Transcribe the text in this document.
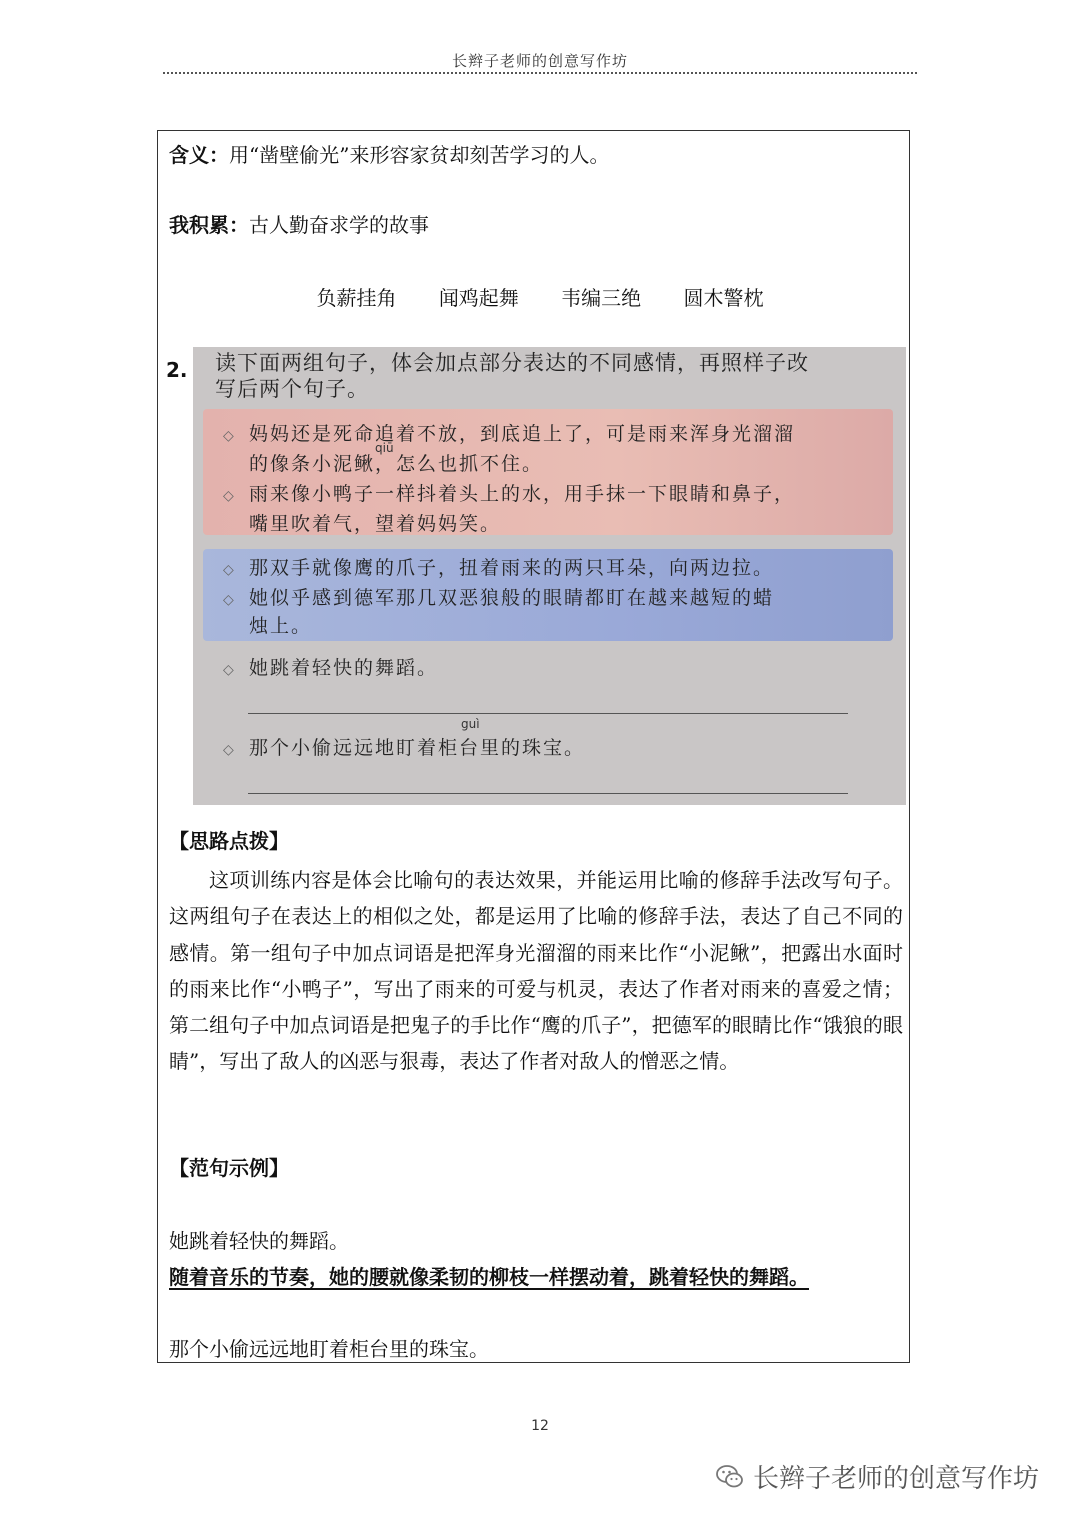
长辫子老师的创意写作坊
含义：用“凿壁偷光”来形容家贫却刻苦学习的人。
我积累：古人勤奋求学的故事
负薪挂角 闻鸡起舞 韦编三绝 圆木警枕
2. 读下面两组句子，体会加点部分表达的不同感情，再照样子改
写后两个句子。
qiū
◇ 妈妈还是死命追着不放，到底追上了，可是雨来浑身光溜溜
的像条小泥鳅，怎么也抓不住。
◇ 雨来像小鸭子一样抖着头上的水，用手抹一下眼睛和鼻子，
嘴里吹着气，望着妈妈笑。
◇ 那双手就像鹰的爪子，扭着雨来的两只耳朵，向两边拉。
◇ 她似乎感到德军那几双恶狼般的眼睛都盯在越来越短的蜡
烛上。
◇ 她跳着轻快的舞蹈。
guì
◇ 那个小偷远远地盯着柜台里的珠宝。
【思路点拨】
这项训练内容是体会比喻句的表达效果，并能运用比喻的修辞手法改写句子。这两组句子在表达上的相似之处，都是运用了比喻的修辞手法，表达了自己不同的感情。第一组句子中加点词语是把浑身光溜溜的雨来比作“小泥鳅”，把露出水面时的雨来比作“小鸭子”，写出了雨来的可爱与机灵，表达了作者对雨来的喜爱之情；第二组句子中加点词语是把鬼子的手比作“鹰的爪子”，把德军的眼睛比作“饿狼的眼睛”，写出了敌人的凶恶与狠毒，表达了作者对敌人的憎恶之情。
【范句示例】
她跳着轻快的舞蹈。
随着音乐的节奏，她的腰就像柔韧的柳枝一样摆动着，跳着轻快的舞蹈。
那个小偷远远地盯着柜台里的珠宝。
12
长辫子老师的创意写作坊
